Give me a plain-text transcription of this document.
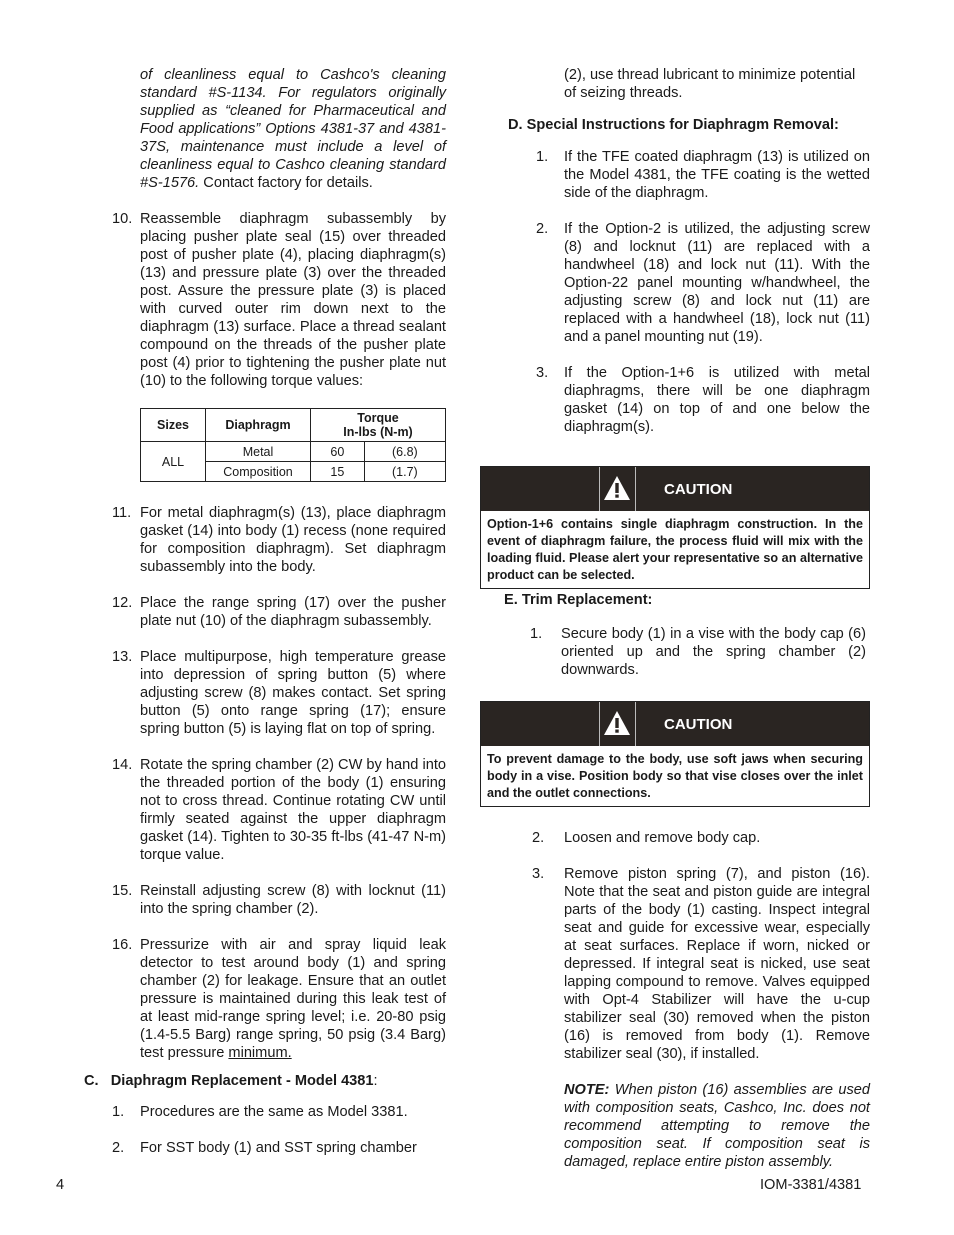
of cleanliness equal to Cashco's cleaning standard #S-1134. For regulators originally supplied as “cleaned for Pharmaceutical and Food applications” Options 4381-37 and 4381-37S, maintenance must include a level of cleanliness equal to Cashco cleaning standard #S-1576. Contact factory for details.
10. Reassemble diaphragm subassembly by placing pusher plate seal (15) over threaded post of pusher plate (4), placing diaphragm(s) (13) and pressure plate (3) over the threaded post. Assure the pressure plate (3) is placed with curved outer rim down next to the diaphragm (13) surface. Place a thread sealant compound on the threads of the pusher plate post (4) prior to tightening the pusher plate nut (10) to the following torque values:
Sizes	Diaphragm	Torque	
		In-lbs (N-m)	
ALL	Metal	60	(6.8)
	Composition	15	(1.7)
11. For metal diaphragm(s) (13), place diaphragm gasket (14) into body (1) recess (none required for composition diaphragm). Set diaphragm subassembly into the body.
12. Place the range spring (17) over the pusher plate nut (10) of the diaphragm subassembly.
13. Place multipurpose, high temperature grease into depression of spring button (5) where adjusting screw (8) makes contact. Set spring button (5) onto range spring (17); ensure spring button (5) is laying flat on top of spring.
14. Rotate the spring chamber (2) CW by hand into the threaded portion of the body (1) ensuring not to cross thread. Continue rotating CW until firmly seated against the upper diaphragm gasket (14). Tighten to 30-35 ft-lbs (41-47 N-m) torque value.
15. Reinstall adjusting screw (8) with locknut (11) into the spring chamber (2).
16. Pressurize with air and spray liquid leak detector to test around body (1) and spring chamber (2) for leakage. Ensure that an outlet pressure is maintained during this leak test of at least mid-range spring level; i.e. 20-80 psig (1.4-5.5 Barg) range spring, 50 psig (3.4 Barg) test pressure minimum.
C. Diaphragm Replacement - Model 4381:
1.	Procedures are the same as Model 3381.
2.	For SST body (1) and SST spring chamber
(2), use thread lubricant to minimize potential of seizing threads.
D. Special Instructions for Diaphragm Removal:
1.	If the TFE coated diaphragm (13) is utilized on the Model 4381, the TFE coating is the wetted side of the diaphragm.
2.	If the Option-2 is utilized, the adjusting screw (8) and locknut (11) are replaced with a handwheel (18) and lock nut (11). With the Option-22 panel mounting w/handwheel, the adjusting screw (8) and lock nut (11) are replaced with a handwheel (18), lock nut (11) and a panel mounting nut (19).
3.	If the Option-1+6 is utilized with metal diaphragms, there will be one diaphragm gasket (14) on top of and one below the diaphragm(s).
CAUTION
Option-1+6 contains single diaphragm construction. In the event of diaphragm failure, the process fluid will mix with the loading fluid. Please alert your representative so an alternative product can be selected.
E. Trim Replacement:
1.	Secure body (1) in a vise with the body cap (6) oriented up and the spring chamber (2) downwards.
CAUTION
To prevent damage to the body, use soft jaws when securing body in a vise. Position body so that vise closes over the inlet and the outlet connections.
2.	Loosen and remove body cap.
3.	Remove piston spring (7), and piston (16). Note that the seat and piston guide are integral parts of the body (1) casting. Inspect integral seat and guide for excessive wear, especially at seat surfaces. Replace if worn, nicked or depressed. If integral seat is nicked, use seat lapping compound to remove. Valves equipped with Opt-4 Stabilizer will have the u-cup stabilizer seal (30) removed when the piston (16) is removed from body (1). Remove stabilizer seal (30), if installed.
NOTE: When piston (16) assemblies are used with composition seats, Cashco, Inc. does not recommend attempting to remove the composition seat. If composition seat is damaged, replace entire piston assembly.
4	IOM-3381/4381
